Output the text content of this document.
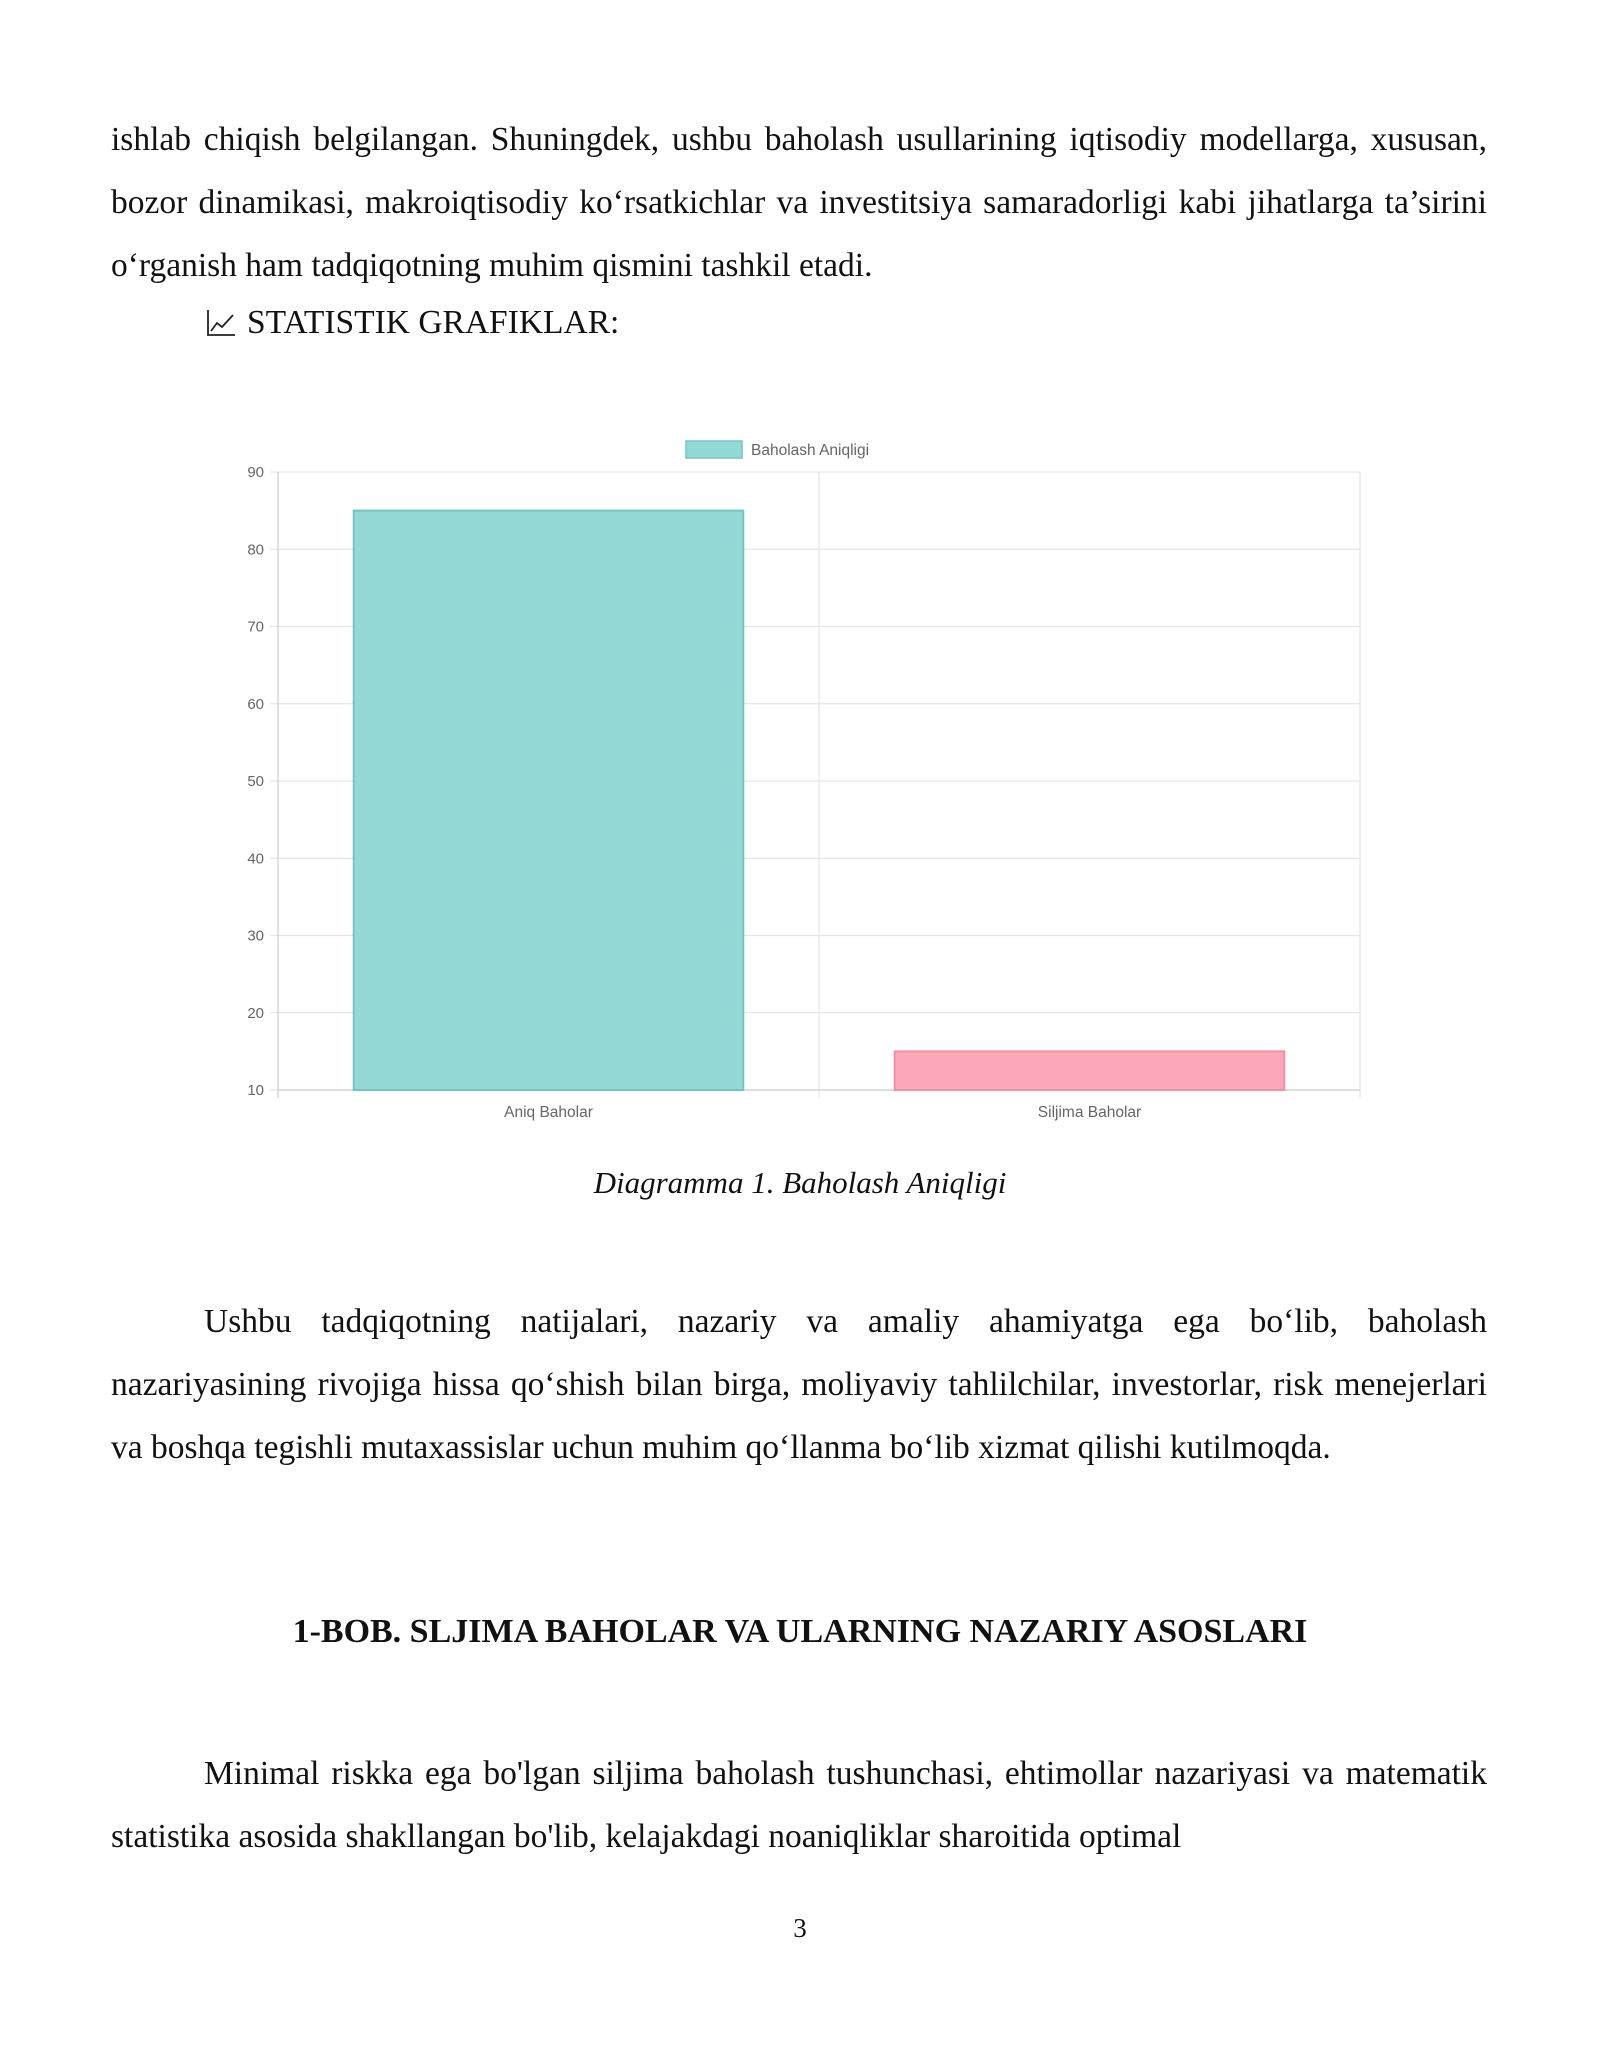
ishlab chiqish belgilangan. Shuningdek, ushbu baholash usullarining iqtisodiy modellarga, xususan, bozor dinamikasi, makroiqtisodiy ko‘rsatkichlar va investitsiya samaradorligi kabi jihatlarga ta’sirini o‘rganish ham tadqiqotning muhim qismini tashkil etadi.

STATISTIK GRAFIKLAR:
10
20
30
40
50
60
70
80
90
Aniq Baholar	Siljima Baholar
Baholash Aniqligi

Diagramma 1. Baholash Aniqligi

Ushbu tadqiqotning natijalari, nazariy va amaliy ahamiyatga ega bo‘lib, baholash nazariyasining rivojiga hissa qo‘shish bilan birga, moliyaviy tahlilchilar, investorlar, risk menejerlari va boshqa tegishli mutaxassislar uchun muhim qo‘llanma bo‘lib xizmat qilishi kutilmoqda.

1-BOB. SLJIMA BAHOLAR VA ULARNING NAZARIY ASOSLARI

Minimal riskka ega bo'lgan siljima baholash tushunchasi, ehtimollar nazariyasi va matematik statistika asosida shakllangan bo'lib, kelajakdagi noaniqliklar sharoitida optimal

3
